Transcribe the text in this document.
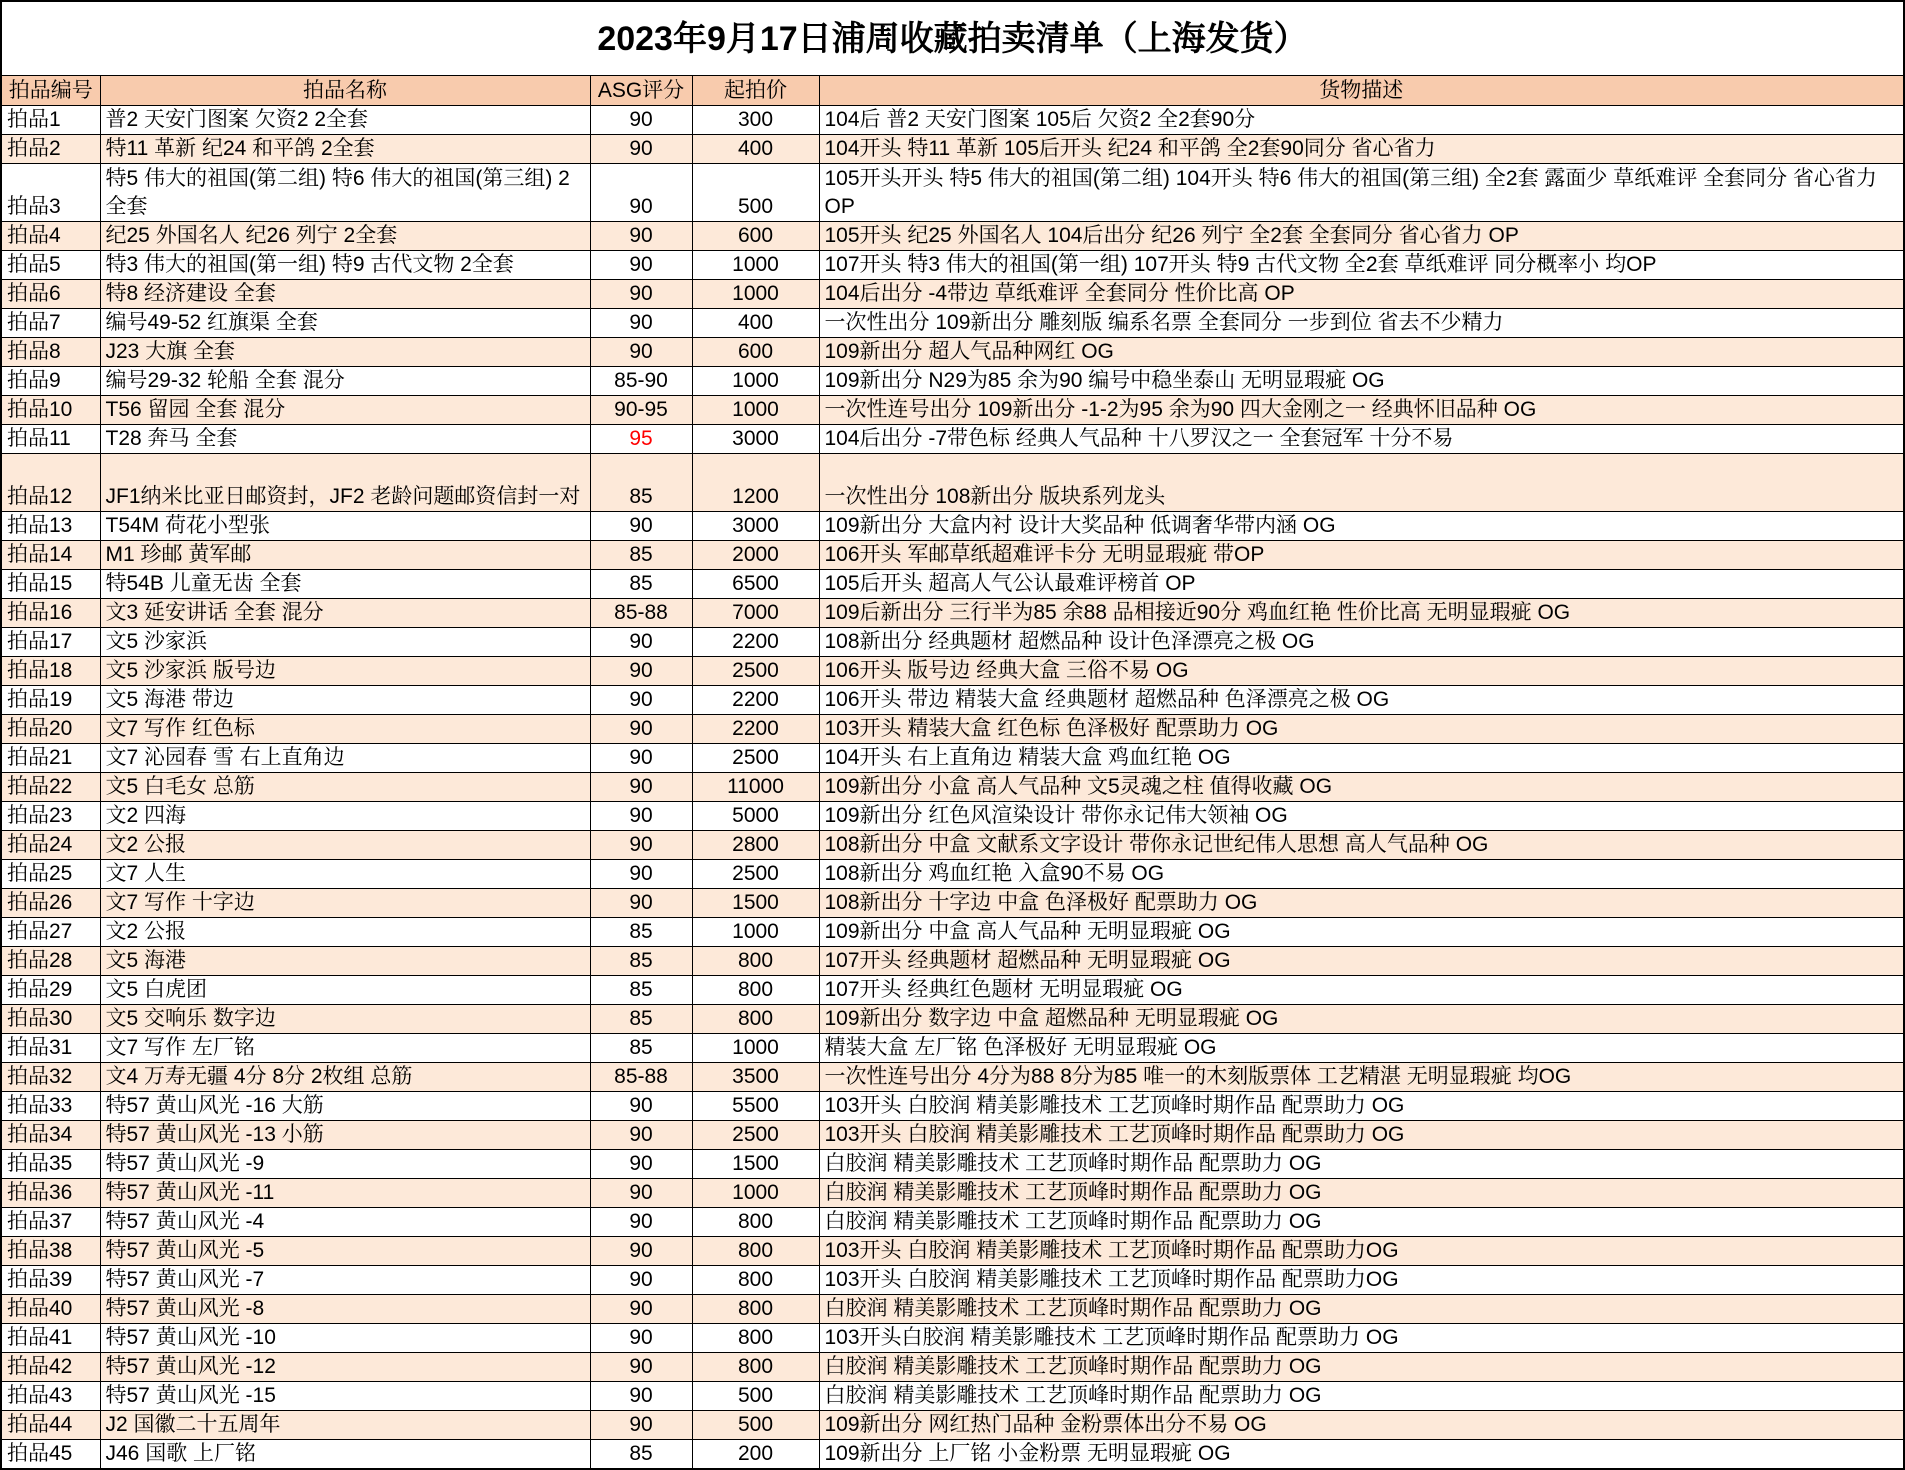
2023年9月17日浦周收藏拍卖清单（上海发货）
拍品编号	拍品名称	ASG评分	起拍价	货物描述
拍品1	普2 天安门图案 欠资2 2全套	90	300	104后 普2 天安门图案 105后 欠资2 全2套90分
拍品2	特11 革新 纪24 和平鸽 2全套	90	400	104开头 特11 革新 105后开头 纪24 和平鸽 全2套90同分 省心省力
拍品3	特5 伟大的祖国(第二组) 特6 伟大的祖国(第三组) 2全套	90	500	105开头开头 特5 伟大的祖国(第二组) 104开头 特6 伟大的祖国(第三组) 全2套 露面少 草纸难评 全套同分 省心省力 OP
拍品4	纪25 外国名人 纪26 列宁 2全套	90	600	105开头 纪25 外国名人 104后出分 纪26 列宁 全2套 全套同分 省心省力 OP
拍品5	特3 伟大的祖国(第一组) 特9 古代文物 2全套	90	1000	107开头 特3 伟大的祖国(第一组) 107开头 特9 古代文物 全2套 草纸难评 同分概率小 均OP
拍品6	特8 经济建设 全套	90	1000	104后出分 -4带边 草纸难评 全套同分 性价比高 OP
拍品7	编号49-52 红旗渠 全套	90	400	一次性出分 109新出分 雕刻版 编系名票 全套同分 一步到位 省去不少精力
拍品8	J23 大旗 全套	90	600	109新出分 超人气品种网红 OG
拍品9	编号29-32 轮船 全套 混分	85-90	1000	109新出分 N29为85 余为90 编号中稳坐泰山 无明显瑕疵 OG
拍品10	T56 留园 全套 混分	90-95	1000	一次性连号出分 109新出分 -1-2为95 余为90 四大金刚之一 经典怀旧品种 OG
拍品11	T28 奔马 全套	95	3000	104后出分 -7带色标 经典人气品种 十八罗汉之一 全套冠军 十分不易
拍品12	JF1纳米比亚日邮资封，JF2 老龄问题邮资信封一对	85	1200	一次性出分 108新出分 版块系列龙头
拍品13	T54M 荷花小型张	90	3000	109新出分 大盒内衬 设计大奖品种 低调奢华带内涵 OG
拍品14	M1 珍邮 黄军邮	85	2000	106开头 军邮草纸超难评卡分 无明显瑕疵 带OP
拍品15	特54B 儿童无齿 全套	85	6500	105后开头 超高人气公认最难评榜首 OP
拍品16	文3 延安讲话 全套 混分	85-88	7000	109后新出分 三行半为85 余88 品相接近90分 鸡血红艳 性价比高 无明显瑕疵 OG
拍品17	文5 沙家浜	90	2200	108新出分 经典题材 超燃品种 设计色泽漂亮之极 OG
拍品18	文5 沙家浜 版号边	90	2500	106开头 版号边 经典大盒 三俗不易 OG
拍品19	文5 海港 带边	90	2200	106开头 带边 精装大盒 经典题材 超燃品种 色泽漂亮之极 OG
拍品20	文7 写作 红色标	90	2200	103开头 精装大盒 红色标 色泽极好 配票助力 OG
拍品21	文7 沁园春 雪 右上直角边	90	2500	104开头 右上直角边 精装大盒 鸡血红艳 OG
拍品22	文5 白毛女 总筋	90	11000	109新出分 小盒 高人气品种 文5灵魂之柱 值得收藏 OG
拍品23	文2 四海	90	5000	109新出分 红色风渲染设计 带你永记伟大领袖 OG
拍品24	文2 公报	90	2800	108新出分 中盒 文献系文字设计 带你永记世纪伟人思想 高人气品种 OG
拍品25	文7 人生	90	2500	108新出分 鸡血红艳 入盒90不易 OG
拍品26	文7 写作 十字边	90	1500	108新出分 十字边 中盒 色泽极好 配票助力 OG
拍品27	文2 公报	85	1000	109新出分 中盒 高人气品种 无明显瑕疵 OG
拍品28	文5 海港	85	800	107开头 经典题材 超燃品种 无明显瑕疵 OG
拍品29	文5 白虎团	85	800	107开头 经典红色题材 无明显瑕疵 OG
拍品30	文5 交响乐 数字边	85	800	109新出分 数字边 中盒 超燃品种 无明显瑕疵 OG
拍品31	文7 写作 左厂铭	85	1000	精装大盒 左厂铭 色泽极好 无明显瑕疵 OG
拍品32	文4 万寿无疆 4分 8分 2枚组 总筋	85-88	3500	一次性连号出分 4分为88 8分为85 唯一的木刻版票体 工艺精湛 无明显瑕疵 均OG
拍品33	特57 黄山风光 -16 大筋	90	5500	103开头 白胶润 精美影雕技术 工艺顶峰时期作品 配票助力 OG
拍品34	特57 黄山风光 -13 小筋	90	2500	103开头 白胶润 精美影雕技术 工艺顶峰时期作品 配票助力 OG
拍品35	特57 黄山风光 -9	90	1500	白胶润 精美影雕技术 工艺顶峰时期作品 配票助力 OG
拍品36	特57 黄山风光 -11	90	1000	白胶润 精美影雕技术 工艺顶峰时期作品 配票助力 OG
拍品37	特57 黄山风光 -4	90	800	白胶润 精美影雕技术 工艺顶峰时期作品 配票助力 OG
拍品38	特57 黄山风光 -5	90	800	103开头 白胶润 精美影雕技术 工艺顶峰时期作品 配票助力OG
拍品39	特57 黄山风光 -7	90	800	103开头 白胶润 精美影雕技术 工艺顶峰时期作品 配票助力OG
拍品40	特57 黄山风光 -8	90	800	白胶润 精美影雕技术 工艺顶峰时期作品 配票助力 OG
拍品41	特57 黄山风光 -10	90	800	103开头白胶润 精美影雕技术 工艺顶峰时期作品 配票助力 OG
拍品42	特57 黄山风光 -12	90	800	白胶润 精美影雕技术 工艺顶峰时期作品 配票助力 OG
拍品43	特57 黄山风光 -15	90	500	白胶润 精美影雕技术 工艺顶峰时期作品 配票助力 OG
拍品44	J2 国徽二十五周年	90	500	109新出分 网红热门品种 金粉票体出分不易 OG
拍品45	J46 国歌 上厂铭	85	200	109新出分 上厂铭 小金粉票 无明显瑕疵 OG
